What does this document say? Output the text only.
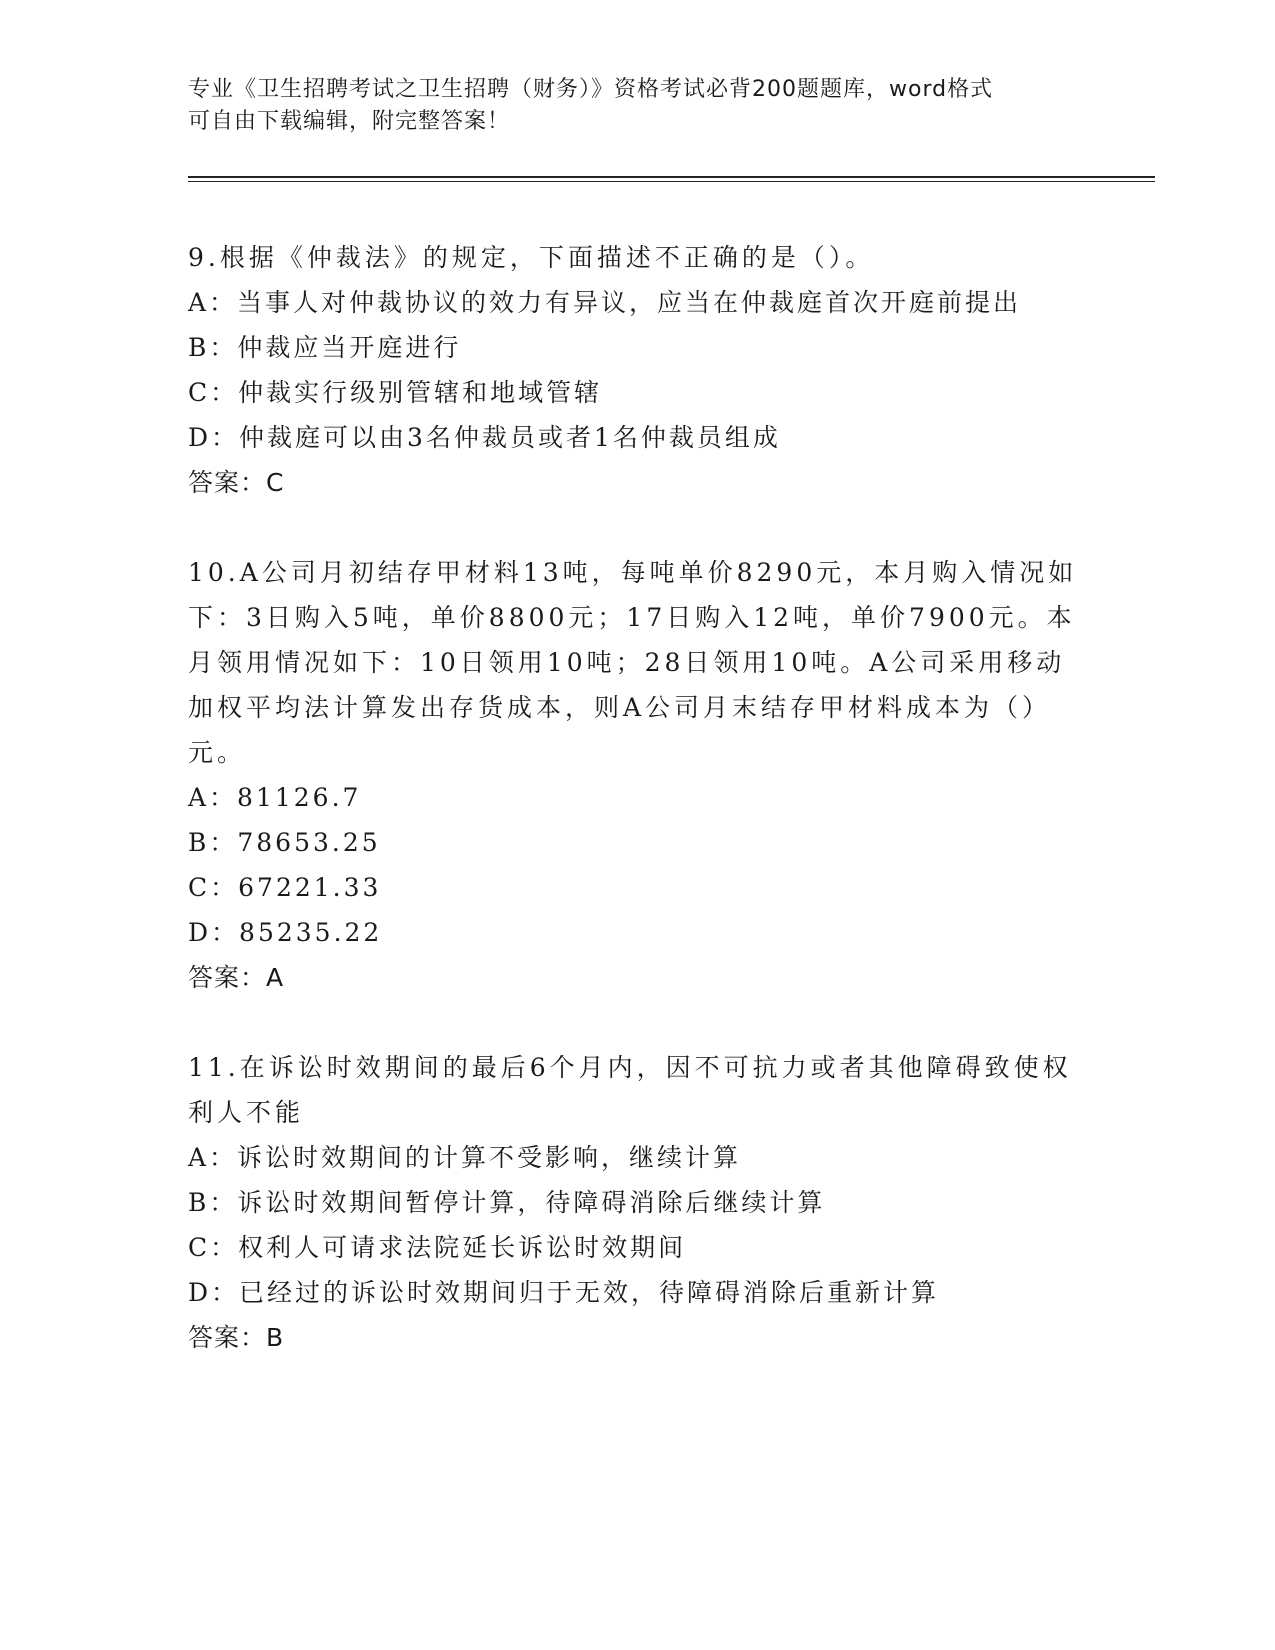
专业《卫生招聘考试之卫生招聘（财务）》资格考试必背200题题库，word格式
可自由下载编辑，附完整答案！
9.根据《仲裁法》的规定，下面描述不正确的是（）。
A：当事人对仲裁协议的效力有异议，应当在仲裁庭首次开庭前提出
B：仲裁应当开庭进行
C：仲裁实行级别管辖和地域管辖
D：仲裁庭可以由3名仲裁员或者1名仲裁员组成
答案：C
10.A公司月初结存甲材料13吨，每吨单价8290元，本月购入情况如
下：3日购入5吨，单价8800元；17日购入12吨，单价7900元。本
月领用情况如下：10日领用10吨；28日领用10吨。A公司采用移动
加权平均法计算发出存货成本，则A公司月末结存甲材料成本为（）
元。
A：81126.7
B：78653.25
C：67221.33
D：85235.22
答案：A
11.在诉讼时效期间的最后6个月内，因不可抗力或者其他障碍致使权
利人不能
A：诉讼时效期间的计算不受影响，继续计算
B：诉讼时效期间暂停计算，待障碍消除后继续计算
C：权利人可请求法院延长诉讼时效期间
D：已经过的诉讼时效期间归于无效，待障碍消除后重新计算
答案：B
